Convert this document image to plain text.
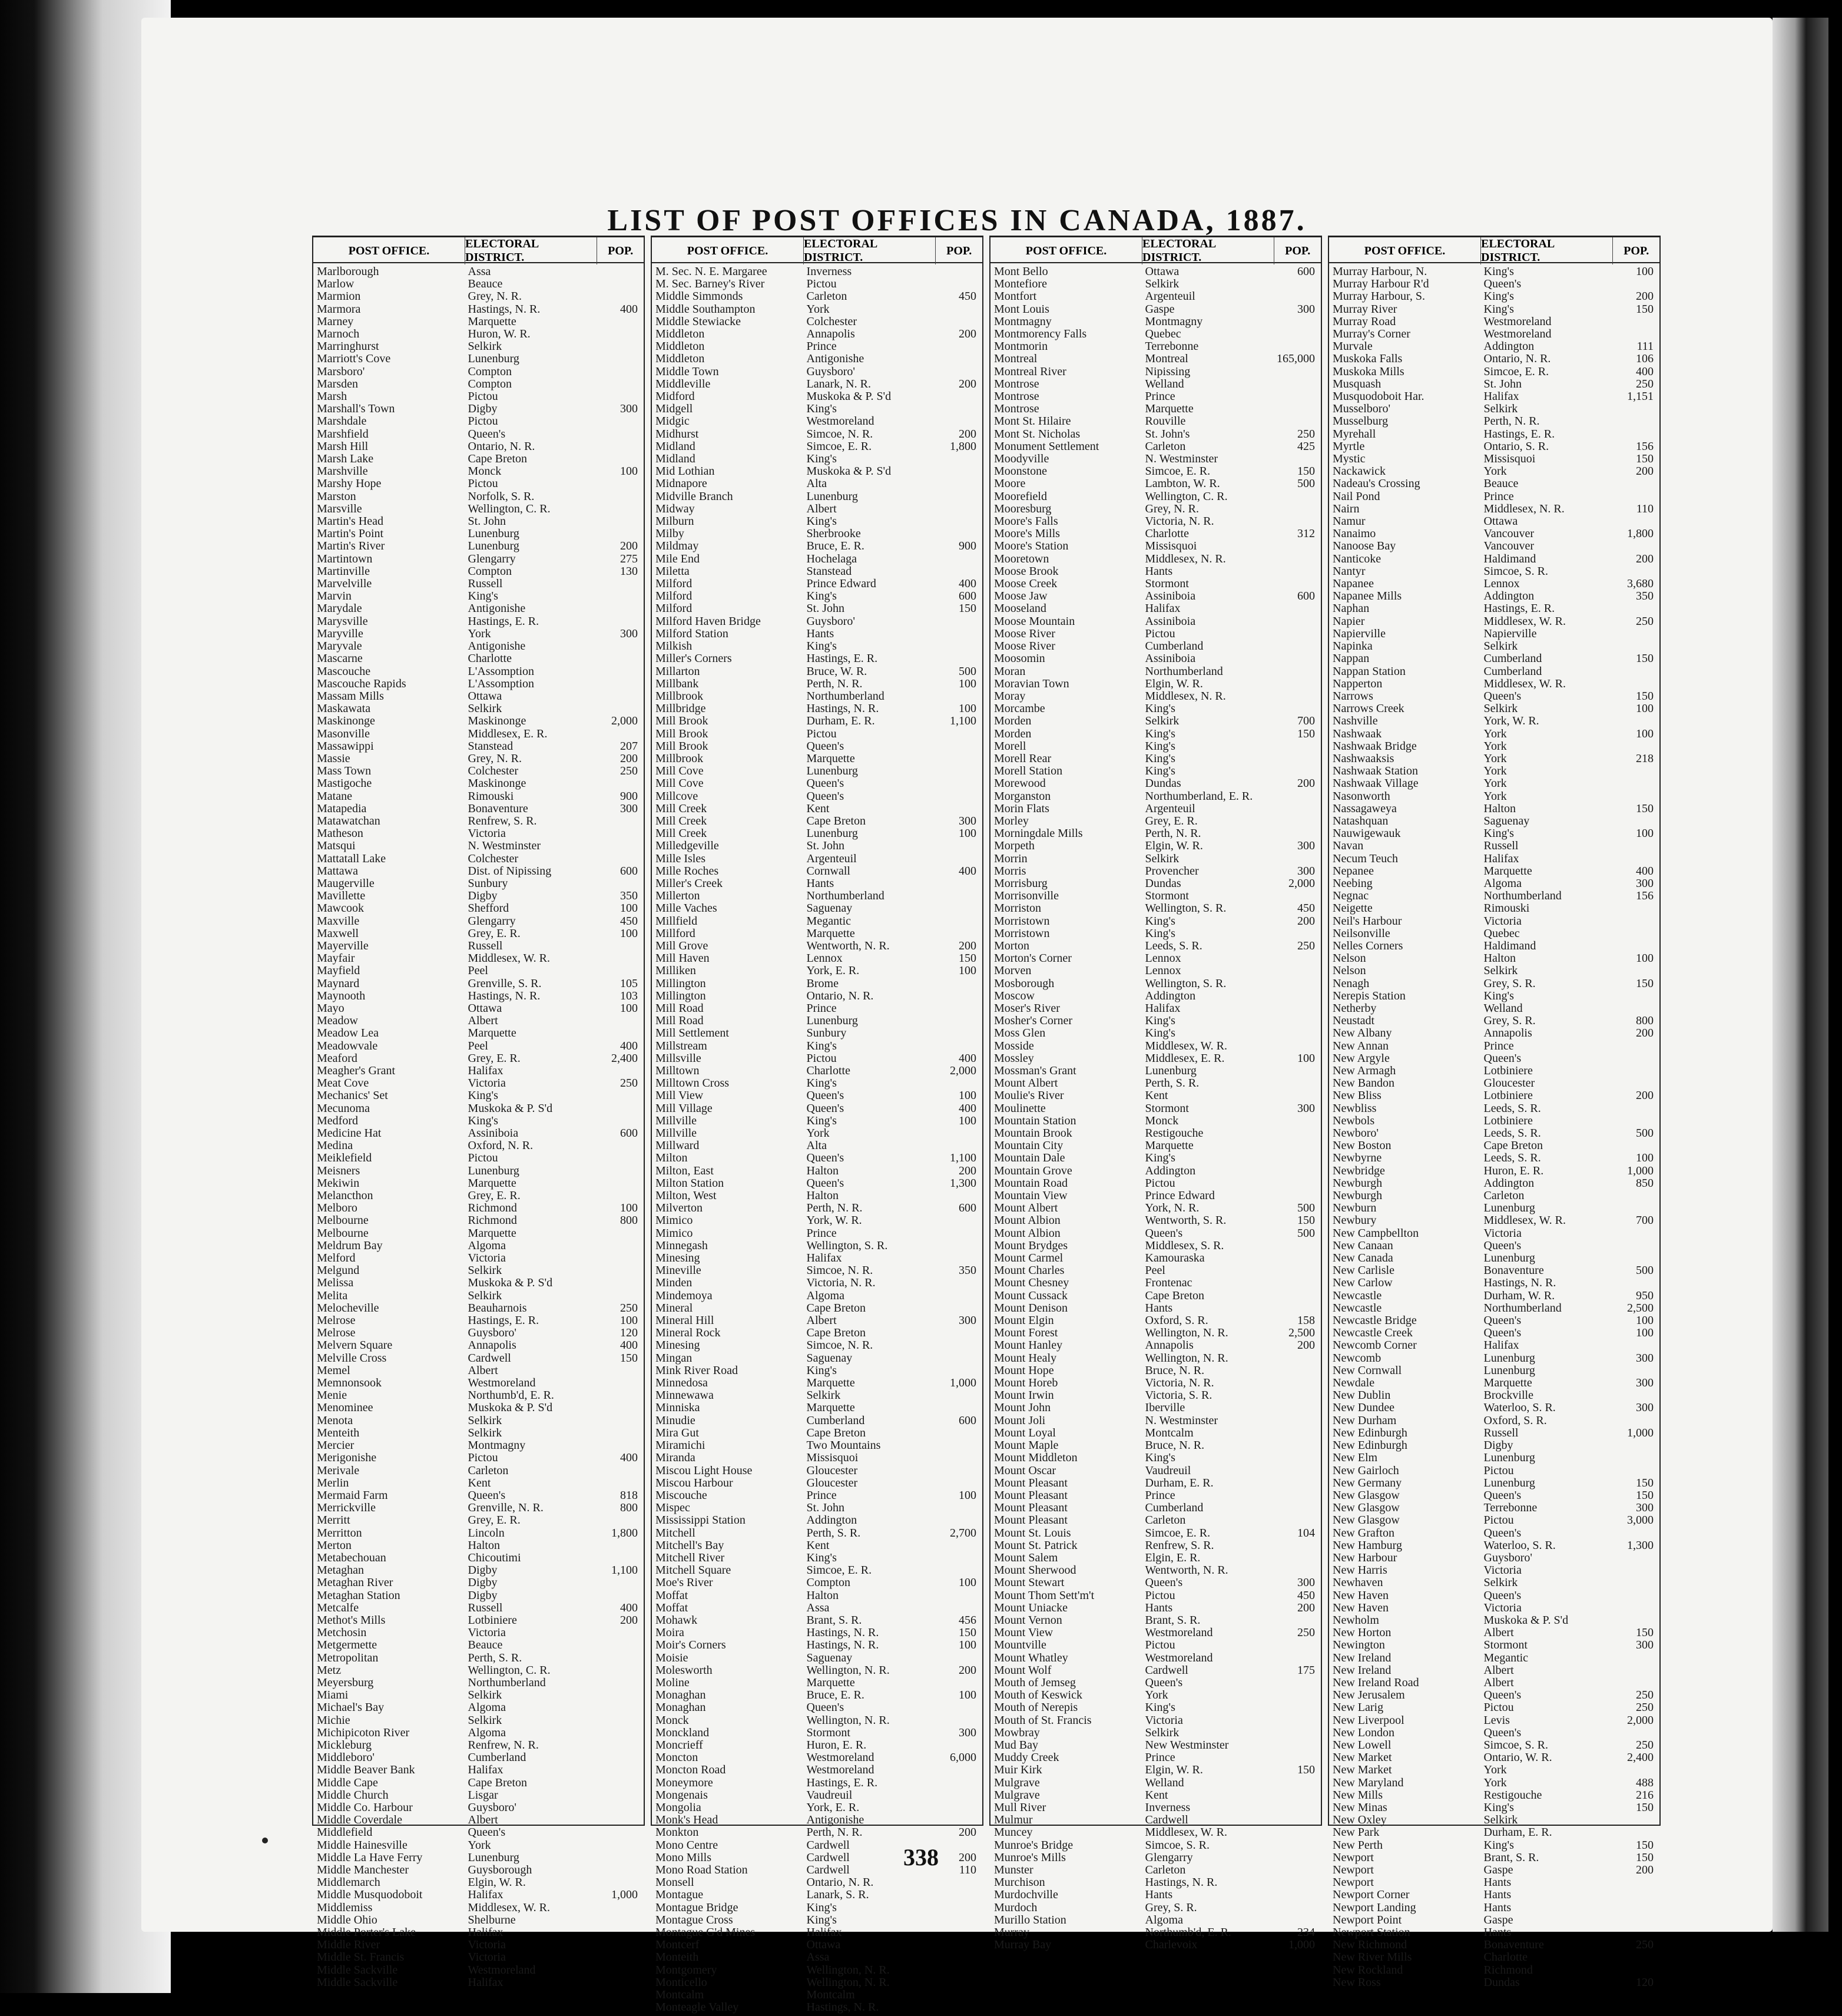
LIST OF POST OFFICES IN CANADA, 1887.
POST OFFICE.
ELECTORAL DISTRICT.
POP.
Marlborough	Assa
Marlow	Beauce
Marmion	Grey, N. R.
Marmora	Hastings, N. R.	400
Marney	Marquette
Marnoch	Huron, W. R.
Marringhurst	Selkirk
Marriott's Cove	Lunenburg
Marsboro'	Compton
Marsden	Compton
Marsh	Pictou
Marshall's Town	Digby	300
Marshdale	Pictou
Marshfield	Queen's
Marsh Hill	Ontario, N. R.
Marsh Lake	Cape Breton
Marshville	Monck	100
Marshy Hope	Pictou
Marston	Norfolk, S. R.
Marsville	Wellington, C. R.
Martin's Head	St. John
Martin's Point	Lunenburg
Martin's River	Lunenburg	200
Martintown	Glengarry	275
Martinville	Compton	130
Marvelville	Russell
Marvin	King's
Marydale	Antigonishe
Marysville	Hastings, E. R.
Maryville	York	300
Maryvale	Antigonishe
Mascarne	Charlotte
Mascouche	L'Assomption
Mascouche Rapids	L'Assomption
Massam Mills	Ottawa
Maskawata	Selkirk
Maskinonge	Maskinonge	2,000
Masonville	Middlesex, E. R.
Massawippi	Stanstead	207
Massie	Grey, N. R.	200
Mass Town	Colchester	250
Mastigoche	Maskinonge
Matane	Rimouski	900
Matapedia	Bonaventure	300
Matawatchan	Renfrew, S. R.
Matheson	Victoria
Matsqui	N. Westminster
Mattatall Lake	Colchester
Mattawa	Dist. of Nipissing	600
Maugerville	Sunbury
Mavillette	Digby	350
Mawcook	Shefford	100
Maxville	Glengarry	450
Maxwell	Grey, E. R.	100
Mayerville	Russell
Mayfair	Middlesex, W. R.
Mayfield	Peel
Maynard	Grenville, S. R.	105
Maynooth	Hastings, N. R.	103
Mayo	Ottawa	100
Meadow	Albert
Meadow Lea	Marquette
Meadowvale	Peel	400
Meaford	Grey, E. R.	2,400
Meagher's Grant	Halifax
Meat Cove	Victoria	250
Mechanics' Set	King's
Mecunoma	Muskoka & P. S'd
Medford	King's
Medicine Hat	Assiniboia	600
Medina	Oxford, N. R.
Meiklefield	Pictou
Meisners	Lunenburg
Mekiwin	Marquette
Melancthon	Grey, E. R.
Melboro	Richmond	100
Melbourne	Richmond	800
Melbourne	Marquette
Meldrum Bay	Algoma
Melford	Victoria
Melgund	Selkirk
Melissa	Muskoka & P. S'd
Melita	Selkirk
Melocheville	Beauharnois	250
Melrose	Hastings, E. R.	100
Melrose	Guysboro'	120
Melvern Square	Annapolis	400
Melville Cross	Cardwell	150
Memel	Albert
Memnonsook	Westmoreland
Menie	Northumb'd, E. R.
Menominee	Muskoka & P. S'd
Menota	Selkirk
Menteith	Selkirk
Mercier	Montmagny
Merigonishe	Pictou	400
Merivale	Carleton
Merlin	Kent
Mermaid Farm	Queen's	818
Merrickville	Grenville, N. R.	800
Merritt	Grey, E. R.
Merritton	Lincoln	1,800
Merton	Halton
Metabechouan	Chicoutimi
Metaghan	Digby	1,100
Metaghan River	Digby
Metaghan Station	Digby
Metcalfe	Russell	400
Methot's Mills	Lotbiniere	200
Metchosin	Victoria
Metgermette	Beauce
Metropolitan	Perth, S. R.
Metz	Wellington, C. R.
Meyersburg	Northumberland
Miami	Selkirk
Michael's Bay	Algoma
Michie	Selkirk
Michipicoton River	Algoma
Mickleburg	Renfrew, N. R.
Middleboro'	Cumberland
Middle Beaver Bank	Halifax
Middle Cape	Cape Breton
Middle Church	Lisgar
Middle Co. Harbour	Guysboro'
Middle Coverdale	Albert
Middlefield	Queen's
Middle Hainesville	York
Middle La Have Ferry	Lunenburg
Middle Manchester	Guysborough
Middlemarch	Elgin, W. R.
Middle Musquodoboit	Halifax	1,000
Middlemiss	Middlesex, W. R.
Middle Ohio	Shelburne
Middle Porter's Lake	Halifax
Middle River	Victoria
Middle St. Francis	Victoria
Middle Sackville	Westmoreland
Middle Sackville	Halifax
POST OFFICE.
ELECTORAL DISTRICT.
POP.
M. Sec. N. E. Margaree	Inverness
M. Sec. Barney's River	Pictou
Middle Simmonds	Carleton	450
Middle Southampton	York
Middle Stewiacke	Colchester
Middleton	Annapolis	200
Middleton	Prince
Middleton	Antigonishe
Middle Town	Guysboro'
Middleville	Lanark, N. R.	200
Midford	Muskoka & P. S'd
Midgell	King's
Midgic	Westmoreland
Midhurst	Simcoe, N. R.	200
Midland	Simcoe, E. R.	1,800
Midland	King's
Mid Lothian	Muskoka & P. S'd
Midnapore	Alta
Midville Branch	Lunenburg
Midway	Albert
Milburn	King's
Milby	Sherbrooke
Mildmay	Bruce, E. R.	900
Mile End	Hochelaga
Miletta	Stanstead
Milford	Prince Edward	400
Milford	King's	600
Milford	St. John	150
Milford Haven Bridge	Guysboro'
Milford Station	Hants
Milkish	King's
Miller's Corners	Hastings, E. R.
Millarton	Bruce, W. R.	500
Millbank	Perth, N. R.	100
Millbrook	Northumberland
Millbridge	Hastings, N. R.	100
Mill Brook	Durham, E. R.	1,100
Mill Brook	Pictou
Mill Brook	Queen's
Millbrook	Marquette
Mill Cove	Lunenburg
Mill Cove	Queen's
Millcove	Queen's
Mill Creek	Kent
Mill Creek	Cape Breton	300
Mill Creek	Lunenburg	100
Milledgeville	St. John
Mille Isles	Argenteuil
Mille Roches	Cornwall	400
Miller's Creek	Hants
Millerton	Northumberland
Mille Vaches	Saguenay
Millfield	Megantic
Millford	Marquette
Mill Grove	Wentworth, N. R.	200
Mill Haven	Lennox	150
Milliken	York, E. R.	100
Millington	Brome
Millington	Ontario, N. R.
Mill Road	Prince
Mill Road	Lunenburg
Mill Settlement	Sunbury
Millstream	King's
Millsville	Pictou	400
Milltown	Charlotte	2,000
Milltown Cross	King's
Mill View	Queen's	100
Mill Village	Queen's	400
Millville	King's	100
Millville	York
Millward	Alta
Milton	Queen's	1,100
Milton, East	Halton	200
Milton Station	Queen's	1,300
Milton, West	Halton
Milverton	Perth, N. R.	600
Mimico	York, W. R.
Mimico	Prince
Minnegash	Wellington, S. R.
Minesing	Halifax
Mineville	Simcoe, N. R.	350
Minden	Victoria, N. R.
Mindemoya	Algoma
Mineral	Cape Breton
Mineral Hill	Albert	300
Mineral Rock	Cape Breton
Minesing	Simcoe, N. R.
Mingan	Saguenay
Mink River Road	King's
Minnedosa	Marquette	1,000
Minnewawa	Selkirk
Minniska	Marquette
Minudie	Cumberland	600
Mira Gut	Cape Breton
Miramichi	Two Mountains
Miranda	Missisquoi
Miscou Light House	Gloucester
Miscou Harbour	Gloucester
Miscouche	Prince	100
Mispec	St. John
Mississippi Station	Addington
Mitchell	Perth, S. R.	2,700
Mitchell's Bay	Kent
Mitchell River	King's
Mitchell Square	Simcoe, E. R.
Moe's River	Compton	100
Moffat	Halton
Moffat	Assa
Mohawk	Brant, S. R.	456
Moira	Hastings, N. R.	150
Moir's Corners	Hastings, N. R.	100
Moisie	Saguenay
Molesworth	Wellington, N. R.	200
Moline	Marquette
Monaghan	Bruce, E. R.	100
Monaghan	Queen's
Monck	Wellington, N. R.
Monckland	Stormont	300
Moncrieff	Huron, E. R.
Moncton	Westmoreland	6,000
Moncton Road	Westmoreland
Moneymore	Hastings, E. R.
Mongenais	Vaudreuil
Mongolia	York, E. R.
Monk's Head	Antigonishe
Monkton	Perth, N. R.	200
Mono Centre	Cardwell
Mono Mills	Cardwell	200
Mono Road Station	Cardwell	110
Monsell	Ontario, N. R.
Montague	Lanark, S. R.
Montague Bridge	King's
Montague Cross	King's
Montague G'd Mines	Halifax
Montcerf	Ottawa
Monteith	Assa
Montgomery	Wellington, N. R.
Monticello	Wellington, N. R.
Montcalm	Montcalm
Monteagle Valley	Hastings, N. R.
POST OFFICE.
ELECTORAL DISTRICT.
POP.
Mont Bello	Ottawa	600
Montefiore	Selkirk
Montfort	Argenteuil
Mont Louis	Gaspe	300
Montmagny	Montmagny
Montmorency Falls	Quebec
Montmorin	Terrebonne
Montreal	Montreal	165,000
Montreal River	Nipissing
Montrose	Welland
Montrose	Prince
Montrose	Marquette
Mont St. Hilaire	Rouville
Mont St. Nicholas	St. John's	250
Monument Settlement	Carleton	425
Moodyville	N. Westminster
Moonstone	Simcoe, E. R.	150
Moore	Lambton, W. R.	500
Moorefield	Wellington, C. R.
Mooresburg	Grey, N. R.
Moore's Falls	Victoria, N. R.
Moore's Mills	Charlotte	312
Moore's Station	Missisquoi
Mooretown	Middlesex, N. R.
Moose Brook	Hants
Moose Creek	Stormont
Moose Jaw	Assiniboia	600
Mooseland	Halifax
Moose Mountain	Assiniboia
Moose River	Pictou
Moose River	Cumberland
Moosomin	Assiniboia
Moran	Northumberland
Moravian Town	Elgin, W. R.
Moray	Middlesex, N. R.
Morcambe	King's
Morden	Selkirk	700
Morden	King's	150
Morell	King's
Morell Rear	King's
Morell Station	King's
Morewood	Dundas	200
Morganston	Northumberland, E. R.
Morin Flats	Argenteuil
Morley	Grey, E. R.
Morningdale Mills	Perth, N. R.
Morpeth	Elgin, W. R.	300
Morrin	Selkirk
Morris	Provencher	300
Morrisburg	Dundas	2,000
Morrisonville	Stormont
Morriston	Wellington, S. R.	450
Morristown	King's	200
Morristown	King's
Morton	Leeds, S. R.	250
Morton's Corner	Lennox
Morven	Lennox
Mosborough	Wellington, S. R.
Moscow	Addington
Moser's River	Halifax
Mosher's Corner	King's
Moss Glen	King's
Mosside	Middlesex, W. R.
Mossley	Middlesex, E. R.	100
Mossman's Grant	Lunenburg
Mount Albert	Perth, S. R.
Moulie's River	Kent
Moulinette	Stormont	300
Mountain Station	Monck
Mountain Brook	Restigouche
Mountain City	Marquette
Mountain Dale	King's
Mountain Grove	Addington
Mountain Road	Pictou
Mountain View	Prince Edward
Mount Albert	York, N. R.	500
Mount Albion	Wentworth, S. R.	150
Mount Albion	Queen's	500
Mount Brydges	Middlesex, S. R.
Mount Carmel	Kamouraska
Mount Charles	Peel
Mount Chesney	Frontenac
Mount Cussack	Cape Breton
Mount Denison	Hants
Mount Elgin	Oxford, S. R.	158
Mount Forest	Wellington, N. R.	2,500
Mount Hanley	Annapolis	200
Mount Healy	Wellington, N. R.
Mount Hope	Bruce, N. R.
Mount Horeb	Victoria, N. R.
Mount Irwin	Victoria, S. R.
Mount John	Iberville
Mount Joli	N. Westminster
Mount Loyal	Montcalm
Mount Maple	Bruce, N. R.
Mount Middleton	King's
Mount Oscar	Vaudreuil
Mount Pleasant	Durham, E. R.
Mount Pleasant	Prince
Mount Pleasant	Cumberland
Mount Pleasant	Carleton
Mount St. Louis	Simcoe, E. R.	104
Mount St. Patrick	Renfrew, S. R.
Mount Salem	Elgin, E. R.
Mount Sherwood	Wentworth, N. R.
Mount Stewart	Queen's	300
Mount Thom Sett'm't	Pictou	450
Mount Uniacke	Hants	200
Mount Vernon	Brant, S. R.
Mount View	Westmoreland	250
Mountville	Pictou
Mount Whatley	Westmoreland
Mount Wolf	Cardwell	175
Mouth of Jemseg	Queen's
Mouth of Keswick	York
Mouth of Nerepis	King's
Mouth of St. Francis	Victoria
Mowbray	Selkirk
Mud Bay	New Westminster
Muddy Creek	Prince
Muir Kirk	Elgin, W. R.	150
Mulgrave	Welland
Mulgrave	Kent
Mull River	Inverness
Mulmur	Cardwell
Muncey	Middlesex, W. R.
Munroe's Bridge	Simcoe, S. R.
Munroe's Mills	Glengarry
Munster	Carleton
Murchison	Hastings, N. R.
Murdochville	Hants
Murdoch	Grey, S. R.
Murillo Station	Algoma
Murray	Northumb'd, E. R.	234
Murray Bay	Charlevoix	1,000
POST OFFICE.
ELECTORAL DISTRICT.
POP.
Murray Harbour, N.	King's	100
Murray Harbour R'd	Queen's
Murray Harbour, S.	King's	200
Murray River	King's	150
Murray Road	Westmoreland
Murray's Corner	Westmoreland
Murvale	Addington	111
Muskoka Falls	Ontario, N. R.	106
Muskoka Mills	Simcoe, E. R.	400
Musquash	St. John	250
Musquodoboit Har.	Halifax	1,151
Musselboro'	Selkirk
Musselburg	Perth, N. R.
Myrehall	Hastings, E. R.
Myrtle	Ontario, S. R.	156
Mystic	Missisquoi	150
Nackawick	York	200
Nadeau's Crossing	Beauce
Nail Pond	Prince
Nairn	Middlesex, N. R.	110
Namur	Ottawa
Nanaimo	Vancouver	1,800
Nanoose Bay	Vancouver
Nanticoke	Haldimand	200
Nantyr	Simcoe, S. R.
Napanee	Lennox	3,680
Napanee Mills	Addington	350
Naphan	Hastings, E. R.
Napier	Middlesex, W. R.	250
Napierville	Napierville
Napinka	Selkirk
Nappan	Cumberland	150
Nappan Station	Cumberland
Napperton	Middlesex, W. R.
Narrows	Queen's	150
Narrows Creek	Selkirk	100
Nashville	York, W. R.
Nashwaak	York	100
Nashwaak Bridge	York
Nashwaaksis	York	218
Nashwaak Station	York
Nashwaak Village	York
Nasonworth	York
Nassagaweya	Halton	150
Natashquan	Saguenay
Nauwigewauk	King's	100
Navan	Russell
Necum Teuch	Halifax
Nepanee	Marquette	400
Neebing	Algoma	300
Negnac	Northumberland	156
Neigette	Rimouski
Neil's Harbour	Victoria
Neilsonville	Quebec
Nelles Corners	Haldimand
Nelson	Halton	100
Nelson	Selkirk
Nenagh	Grey, S. R.	150
Nerepis Station	King's
Netherby	Welland
Neustadt	Grey, S. R.	800
New Albany	Annapolis	200
New Annan	Prince
New Argyle	Queen's
New Armagh	Lotbiniere
New Bandon	Gloucester
New Bliss	Lotbiniere	200
Newbliss	Leeds, S. R.
Newbols	Lotbiniere
Newboro'	Leeds, S. R.	500
New Boston	Cape Breton
Newbyrne	Leeds, S. R.	100
Newbridge	Huron, E. R.	1,000
Newburgh	Addington	850
Newburgh	Carleton
Newburn	Lunenburg
Newbury	Middlesex, W. R.	700
New Campbellton	Victoria
New Canaan	Queen's
New Canada	Lunenburg
New Carlisle	Bonaventure	500
New Carlow	Hastings, N. R.
Newcastle	Durham, W. R.	950
Newcastle	Northumberland	2,500
Newcastle Bridge	Queen's	100
Newcastle Creek	Queen's	100
Newcomb Corner	Halifax
Newcomb	Lunenburg	300
New Cornwall	Lunenburg
Newdale	Marquette	300
New Dublin	Brockville
New Dundee	Waterloo, S. R.	300
New Durham	Oxford, S. R.
New Edinburgh	Russell	1,000
New Edinburgh	Digby
New Elm	Lunenburg
New Gairloch	Pictou
New Germany	Lunenburg	150
New Glasgow	Queen's	150
New Glasgow	Terrebonne	300
New Glasgow	Pictou	3,000
New Grafton	Queen's
New Hamburg	Waterloo, S. R.	1,300
New Harbour	Guysboro'
New Harris	Victoria
Newhaven	Selkirk
New Haven	Queen's
New Haven	Victoria
Newholm	Muskoka & P. S'd
New Horton	Albert	150
Newington	Stormont	300
New Ireland	Megantic
New Ireland	Albert
New Ireland Road	Albert
New Jerusalem	Queen's	250
New Larig	Pictou	250
New Liverpool	Levis	2,000
New London	Queen's
New Lowell	Simcoe, S. R.	250
New Market	Ontario, W. R.	2,400
New Market	York
New Maryland	York	488
New Mills	Restigouche	216
New Minas	King's	150
New Oxley	Selkirk
New Park	Durham, E. R.
New Perth	King's	150
Newport	Brant, S. R.	150
Newport	Gaspe	200
Newport	Hants
Newport Corner	Hants
Newport Landing	Hants
Newport Point	Gaspe
Newport Station	Hants
New Richmond	Bonaventure	250
New River Mills	Charlotte
New Rockland	Richmond
New Ross	Dundas	120
338
